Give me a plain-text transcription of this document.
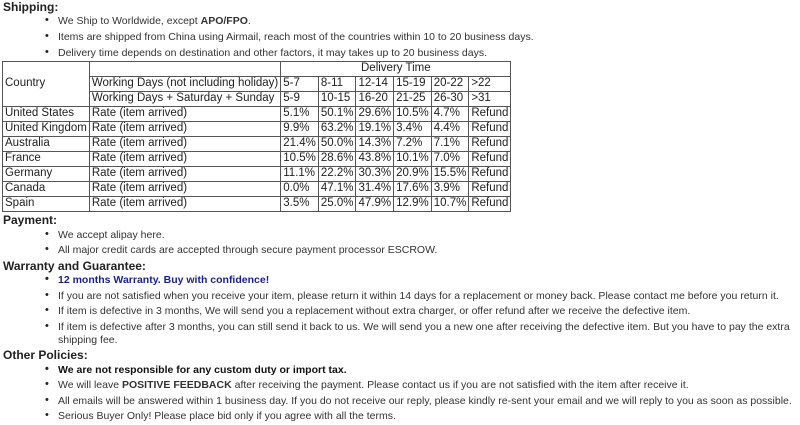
Shipping:
• We Ship to Worldwide, except APO/FPO.
• Items are shipped from China using Airmail, reach most of the countries within 10 to 20 business days.
• Delivery time depends on destination and other factors, it may takes up to 20 business days.
Country		Delivery Time					
	Working Days (not including holiday)	5-7	8-11	12-14	15-19	20-22	>22
	Working Days + Saturday + Sunday	5-9	10-15	16-20	21-25	26-30	>31
United States	Rate (item arrived)	5.1%	50.1%	29.6%	10.5%	4.7%	Refund
United Kingdom	Rate (item arrived)	9.9%	63.2%	19.1%	3.4%	4.4%	Refund
Australia	Rate (item arrived)	21.4%	50.0%	14.3%	7.2%	7.1%	Refund
France	Rate (item arrived)	10.5%	28.6%	43.8%	10.1%	7.0%	Refund
Germany	Rate (item arrived)	11.1%	22.2%	30.3%	20.9%	15.5%	Refund
Canada	Rate (item arrived)	0.0%	47.1%	31.4%	17.6%	3.9%	Refund
Spain	Rate (item arrived)	3.5%	25.0%	47.9%	12.9%	10.7%	Refund
Payment:
• We accept alipay here.
• All major credit cards are accepted through secure payment processor ESCROW.
Warranty and Guarantee:
• 12 months Warranty. Buy with confidence!
• If you are not satisfied when you receive your item, please return it within 14 days for a replacement or money back. Please contact me before you return it.
• If item is defective in 3 months, We will send you a replacement without extra charger, or offer refund after we receive the defective item.
• If item is defective after 3 months, you can still send it back to us. We will send you a new one after receiving the defective item. But you have to pay the extra shipping fee.
Other Policies:
• We are not responsible for any custom duty or import tax.
• We will leave POSITIVE FEEDBACK after receiving the payment. Please contact us if you are not satisfied with the item after receive it.
• All emails will be answered within 1 business day. If you do not receive our reply, please kindly re-sent your email and we will reply to you as soon as possible.
• Serious Buyer Only! Please place bid only if you agree with all the terms.
